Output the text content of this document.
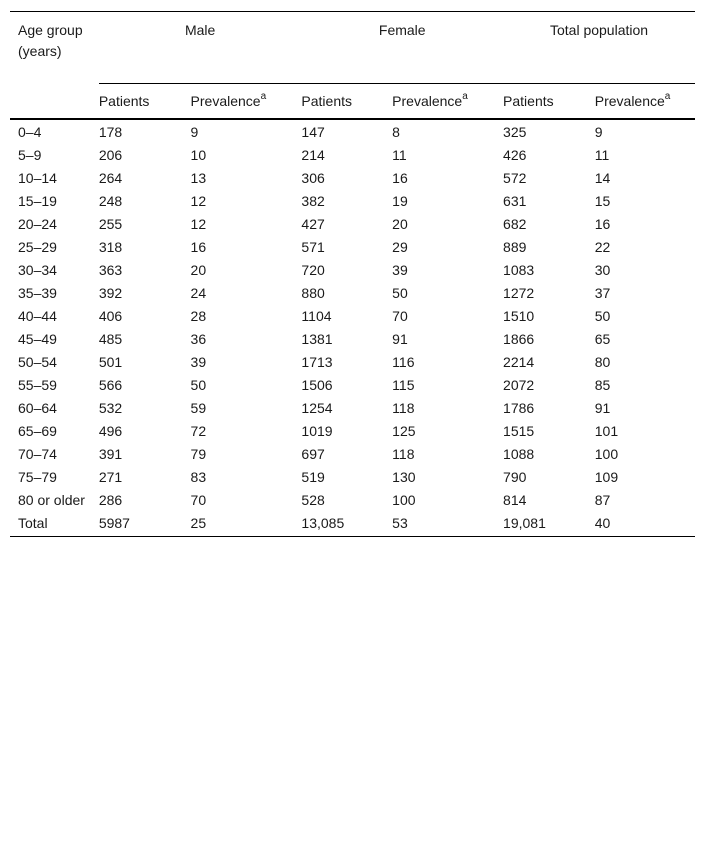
Age group (years)	Male		Female		Total population	
	Patients	Prevalence$^a$	Patients	Prevalence$^a$	Patients	Prevalence$^a$
0–4	178	9	147	8	325	9
5–9	206	10	214	11	426	11
10–14	264	13	306	16	572	14
15–19	248	12	382	19	631	15
20–24	255	12	427	20	682	16
25–29	318	16	571	29	889	22
30–34	363	20	720	39	1083	30
35–39	392	24	880	50	1272	37
40–44	406	28	1104	70	1510	50
45–49	485	36	1381	91	1866	65
50–54	501	39	1713	116	2214	80
55–59	566	50	1506	115	2072	85
60–64	532	59	1254	118	1786	91
65–69	496	72	1019	125	1515	101
70–74	391	79	697	118	1088	100
75–79	271	83	519	130	790	109
80 or older	286	70	528	100	814	87
Total	5987	25	13,085	53	19,081	40
